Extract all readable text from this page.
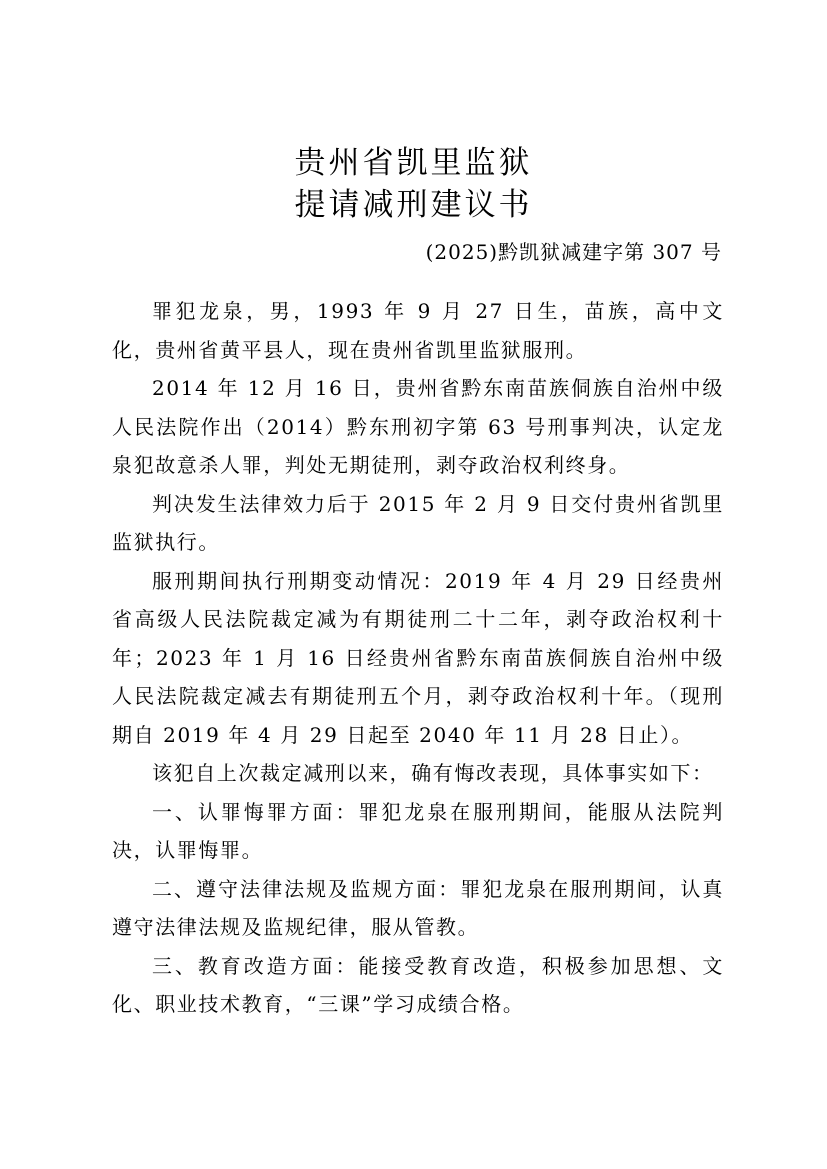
贵州省凯里监狱
提请减刑建议书
(2025)黔凯狱减建字第 307 号

罪犯龙泉，男，1993 年 9 月 27 日生，苗族，高中文化，贵州省黄平县人，现在贵州省凯里监狱服刑。

2014 年 12 月 16 日，贵州省黔东南苗族侗族自治州中级人民法院作出（2014）黔东刑初字第 63 号刑事判决，认定龙泉犯故意杀人罪，判处无期徒刑，剥夺政治权利终身。

判决发生法律效力后于 2015 年 2 月 9 日交付贵州省凯里监狱执行。

服刑期间执行刑期变动情况：2019 年 4 月 29 日经贵州省高级人民法院裁定减为有期徒刑二十二年，剥夺政治权利十年；2023 年 1 月 16 日经贵州省黔东南苗族侗族自治州中级人民法院裁定减去有期徒刑五个月，剥夺政治权利十年。（现刑期自 2019 年 4 月 29 日起至 2040 年 11 月 28 日止）。

该犯自上次裁定减刑以来，确有悔改表现，具体事实如下：

一、认罪悔罪方面：罪犯龙泉在服刑期间，能服从法院判决，认罪悔罪。

二、遵守法律法规及监规方面：罪犯龙泉在服刑期间，认真遵守法律法规及监规纪律，服从管教。

三、教育改造方面：能接受教育改造，积极参加思想、文化、职业技术教育，“三课”学习成绩合格。
